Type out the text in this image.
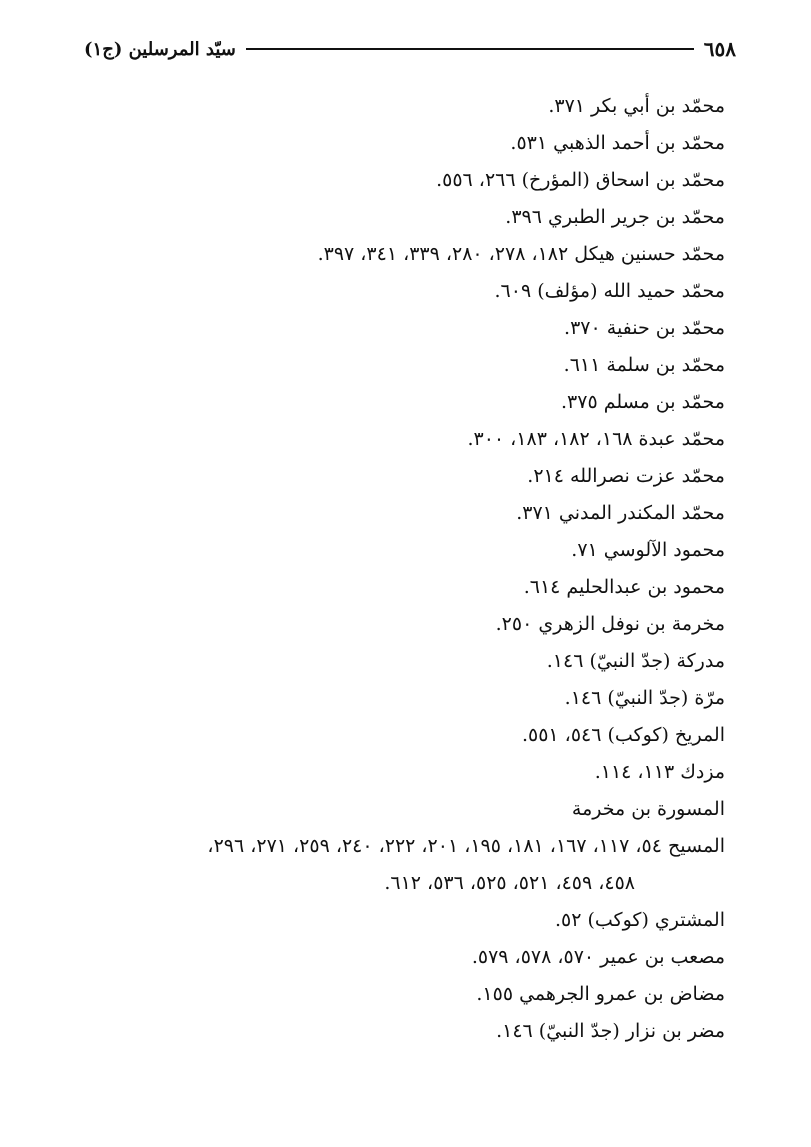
٦٥٨
سيّد المرسلين (ج١)
محمّد بن أبي بكر ٣٧١.
محمّد بن أحمد الذهبي ٥٣١.
محمّد بن اسحاق (المؤرخ) ٢٦٦، ٥٥٦.
محمّد بن جرير الطبري ٣٩٦.
محمّد حسنين هيكل ١٨٢، ٢٧٨، ٢٨٠، ٣٣٩، ٣٤١، ٣٩٧.
محمّد حميد الله (مؤلف) ٦٠٩.
محمّد بن حنفية ٣٧٠.
محمّد بن سلمة ٦١١.
محمّد بن مسلم ٣٧٥.
محمّد عبدة ١٦٨، ١٨٢، ١٨٣، ٣٠٠.
محمّد عزت نصرالله ٢١٤.
محمّد المكندر المدني ٣٧١.
محمود الآلوسي ٧١.
محمود بن عبدالحليم ٦١٤.
مخرمة بن نوفل الزهري ٢٥٠.
مدركة (جدّ النبيّ) ١٤٦.
مرّة (جدّ النبيّ) ١٤٦.
المريخ (كوكب) ٥٤٦، ٥٥١.
مزدك ١١٣، ١١٤.
المسورة بن مخرمة
المسيح ٥٤، ١١٧، ١٦٧، ١٨١، ١٩٥، ٢٠١، ٢٢٢، ٢٤٠، ٢٥٩، ٢٧١، ٢٩٦،
٤٥٨، ٤٥٩، ٥٢١، ٥٢٥، ٥٣٦، ٦١٢.
المشتري (كوكب) ٥٢.
مصعب بن عمير ٥٧٠، ٥٧٨، ٥٧٩.
مضاض بن عمرو الجرهمي ١٥٥.
مضر بن نزار (جدّ النبيّ) ١٤٦.
